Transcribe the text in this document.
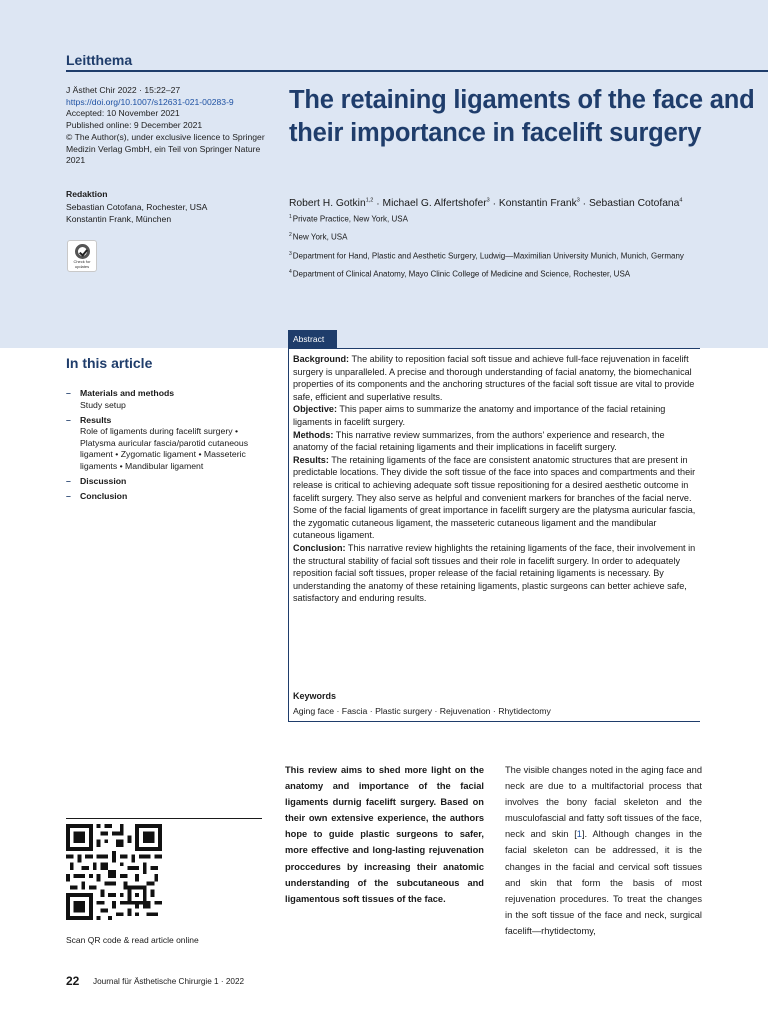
Leitthema
J Ästhet Chir 2022 · 15:22–27
https://doi.org/10.1007/s12631-021-00283-9
Accepted: 10 November 2021
Published online: 9 December 2021
© The Author(s), under exclusive licence to Springer Medizin Verlag GmbH, ein Teil von Springer Nature 2021
Redaktion
Sebastian Cotofana, Rochester, USA
Konstantin Frank, München
Check for updates
The retaining ligaments of the face and their importance in facelift surgery
Robert H. Gotkin$^{1,2}$ · Michael G. Alfertshofer$^3$ · Konstantin Frank$^3$ · Sebastian Cotofana$^4$
$^1$Private Practice, New York, USA
$^2$New York, USA
$^3$Department for Hand, Plastic and Aesthetic Surgery, Ludwig—Maximilian University Munich, Munich, Germany
$^4$Department of Clinical Anatomy, Mayo Clinic College of Medicine and Science, Rochester, USA
In this article
– Materials and methods
Study setup
– Results
Role of ligaments during facelift surgery • Platysma auricular fascia/parotid cutaneous ligament • Zygomatic ligament • Masseteric ligaments • Mandibular ligament
– Discussion
– Conclusion
Abstract
Background: The ability to reposition facial soft tissue and achieve full-face rejuvenation in facelift surgery is unparalleled. A precise and thorough understanding of facial anatomy, the biomechanical properties of its components and the anchoring structures of the facial soft tissue are vital to provide safe, efficient and superlative results.
Objective: This paper aims to summarize the anatomy and importance of the facial retaining ligaments in facelift surgery.
Methods: This narrative review summarizes, from the authors' experience and research, the anatomy of the facial retaining ligaments and their implications in facelift surgery.
Results: The retaining ligaments of the face are consistent anatomic structures that are present in predictable locations. They divide the soft tissue of the face into spaces and compartments and their release is critical to achieving adequate soft tissue repositioning for a desired aesthetic outcome in facelift surgery. They also serve as helpful and convenient markers for branches of the facial nerve. Some of the facial ligaments of great importance in facelift surgery are the platysma auricular fascia, the zygomatic cutaneous ligament, the masseteric cutaneous ligament and the mandibular cutaneous ligament.
Conclusion: This narrative review highlights the retaining ligaments of the face, their involvement in the structural stability of facial soft tissues and their role in facelift surgery. In order to adequately reposition facial soft tissues, proper release of the facial retaining ligaments is necessary. By understanding the anatomy of these retaining ligaments, plastic surgeons can better achieve safe, satisfactory and enduring results.
Keywords
Aging face · Fascia · Plastic surgery · Rejuvenation · Rhytidectomy
Scan QR code & read article online
This review aims to shed more light on the anatomy and importance of the facial ligaments durnig facelift surgery. Based on their own extensive experience, the authors hope to guide plastic surgeons to safer, more effective and long-lasting rejuvenation proccedures by increasing their anatomic understanding of the subcutaneous and ligamentous soft tissues of the face.
The visible changes noted in the aging face and neck are due to a multifactorial process that involves the bony facial skeleton and the musculofascial and fatty soft tissues of the face, neck and skin [1]. Although changes in the facial skeleton can be addressed, it is the changes in the facial and cervical soft tissues and skin that form the basis of most rejuvenation procedures. To treat the changes in the soft tissue of the face and neck, surgical facelift—rhytidectomy,
22 Journal für Ästhetische Chirurgie 1 · 2022
